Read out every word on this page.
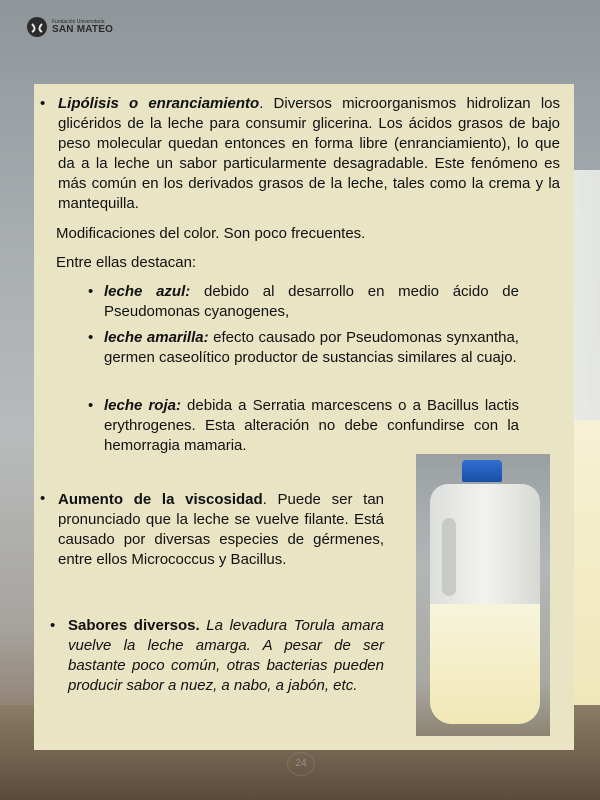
Fundación Universitaria
SAN MATEO
• Lipólisis o enranciamiento. Diversos microorganismos hidrolizan los glicéridos de la leche para consumir glicerina. Los ácidos grasos de bajo peso molecular quedan entonces en forma libre (enranciamiento), lo que da a la leche un sabor particularmente desagradable. Este fenómeno es más común en los derivados grasos de la leche, tales como la crema y la mantequilla.
Modificaciones del color. Son poco frecuentes.
Entre ellas destacan:
• leche azul: debido al desarrollo en medio ácido de Pseudomonas cyanogenes,
• leche amarilla: efecto causado por Pseudomonas synxantha, germen caseolítico productor de sustancias similares al cuajo.
• leche roja: debida a Serratia marcescens o a Bacillus lactis erythrogenes. Esta alteración no debe confundirse con la hemorragia mamaria.
• Aumento de la viscosidad. Puede ser tan pronunciado que la leche se vuelve filante. Está causado por diversas especies de gérmenes, entre ellos Micrococcus y Bacillus.
• Sabores diversos. La levadura Torula amara vuelve la leche amarga. A pesar de ser bastante poco común, otras bacterias pueden producir sabor a nuez, a nabo, a jabón, etc.
24
